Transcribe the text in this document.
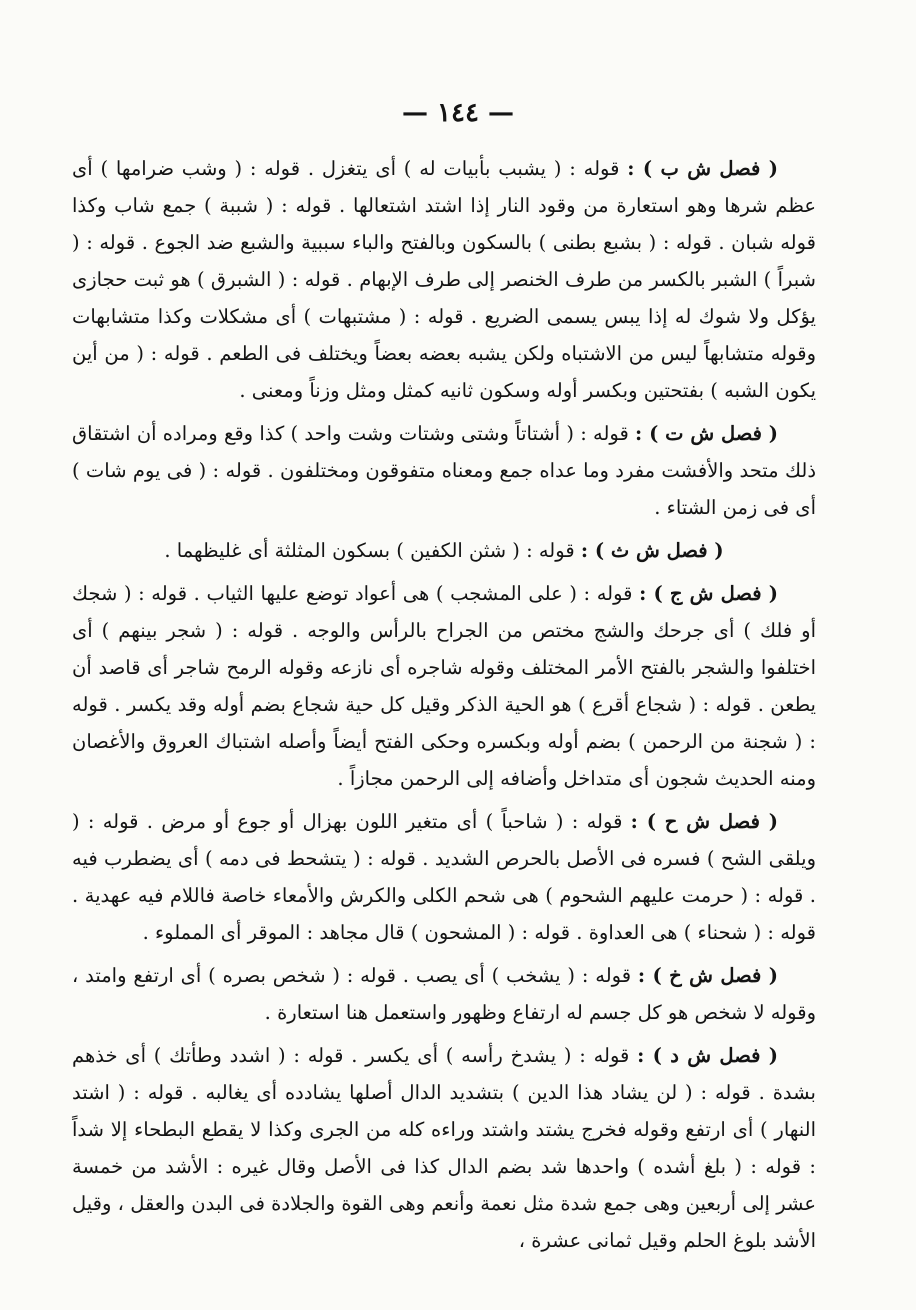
— ١٤٤ —

( فصل ش ب ) : قوله : ( يشبب بأبيات له ) أى يتغزل . قوله : ( وشب ضرامها ) أى عظم شرها وهو استعارة من وقود النار إذا اشتد اشتعالها . قوله : ( شببة ) جمع شاب وكذا قوله شبان . قوله : ( بشبع بطنى ) بالسكون وبالفتح والباء سببية والشبع ضد الجوع . قوله : ( شبراً ) الشبر بالكسر من طرف الخنصر إلى طرف الإبهام . قوله : ( الشبرق ) هو ثبت حجازى يؤكل ولا شوك له إذا يبس يسمى الضريع . قوله : ( مشتبهات ) أى مشكلات وكذا متشابهات وقوله متشابهاً ليس من الاشتباه ولكن يشبه بعضه بعضاً ويختلف فى الطعم . قوله : ( من أين يكون الشبه ) بفتحتين وبكسر أوله وسكون ثانيه كمثل ومثل وزناً ومعنى .

( فصل ش ت ) : قوله : ( أشتاتاً وشتى وشتات وشت واحد ) كذا وقع ومراده أن اشتقاق ذلك متحد والأفشت مفرد وما عداه جمع ومعناه متفوقون ومختلفون . قوله : ( فى يوم شات ) أى فى زمن الشتاء .

( فصل ش ث ) : قوله : ( شثن الكفين ) بسكون المثلثة أى غليظهما .

( فصل ش ج ) : قوله : ( على المشجب ) هى أعواد توضع عليها الثياب . قوله : ( شجك أو فلك ) أى جرحك والشج مختص من الجراح بالرأس والوجه . قوله : ( شجر بينهم ) أى اختلفوا والشجر بالفتح الأمر المختلف وقوله شاجره أى نازعه وقوله الرمح شاجر أى قاصد أن يطعن . قوله : ( شجاع أقرع ) هو الحية الذكر وقيل كل حية شجاع بضم أوله وقد يكسر . قوله : ( شجنة من الرحمن ) بضم أوله وبكسره وحكى الفتح أيضاً وأصله اشتباك العروق والأغصان ومنه الحديث شجون أى متداخل وأضافه إلى الرحمن مجازاً .

( فصل ش ح ) : قوله : ( شاحباً ) أى متغير اللون بهزال أو جوع أو مرض . قوله : ( ويلقى الشح ) فسره فى الأصل بالحرص الشديد . قوله : ( يتشحط فى دمه ) أى يضطرب فيه . قوله : ( حرمت عليهم الشحوم ) هى شحم الكلى والكرش والأمعاء خاصة فاللام فيه عهدية . قوله : ( شحناء ) هى العداوة . قوله : ( المشحون ) قال مجاهد : الموقر أى المملوء .

( فصل ش خ ) : قوله : ( يشخب ) أى يصب . قوله : ( شخص بصره ) أى ارتفع وامتد ، وقوله لا شخص هو كل جسم له ارتفاع وظهور واستعمل هنا استعارة .

( فصل ش د ) : قوله : ( يشدخ رأسه ) أى يكسر . قوله : ( اشدد وطأتك ) أى خذهم بشدة . قوله : ( لن يشاد هذا الدين ) بتشديد الدال أصلها يشادده أى يغالبه . قوله : ( اشتد النهار ) أى ارتفع وقوله فخرج يشتد واشتد وراءه كله من الجرى وكذا لا يقطع البطحاء إلا شداً : قوله : ( بلغ أشده ) واحدها شد بضم الدال كذا فى الأصل وقال غيره : الأشد من خمسة عشر إلى أربعين وهى جمع شدة مثل نعمة وأنعم وهى القوة والجلادة فى البدن والعقل ، وقيل الأشد بلوغ الحلم وقيل ثمانى عشرة ،
